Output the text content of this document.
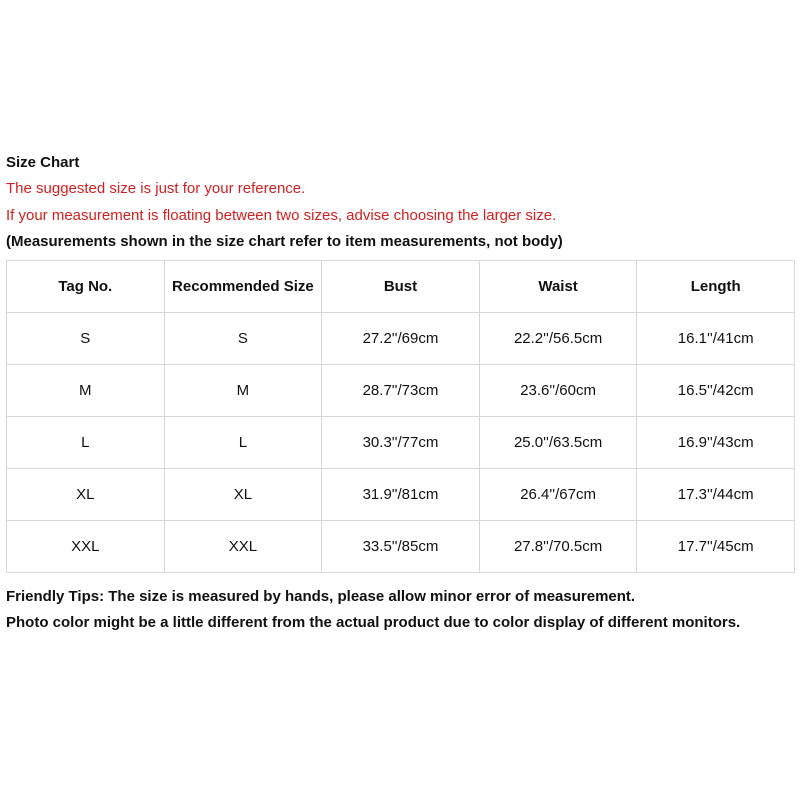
Size Chart
The suggested size is just for your reference.
If your measurement is floating between two sizes, advise choosing the larger size.
(Measurements shown in the size chart refer to item measurements, not body)
Tag No.	Recommended Size	Bust	Waist	Length
S	S	27.2''/69cm	22.2''/56.5cm	16.1''/41cm
M	M	28.7''/73cm	23.6''/60cm	16.5''/42cm
L	L	30.3''/77cm	25.0''/63.5cm	16.9''/43cm
XL	XL	31.9''/81cm	26.4''/67cm	17.3''/44cm
XXL	XXL	33.5''/85cm	27.8''/70.5cm	17.7''/45cm
Friendly Tips: The size is measured by hands, please allow minor error of measurement.
Photo color might be a little different from the actual product due to color display of different monitors.
